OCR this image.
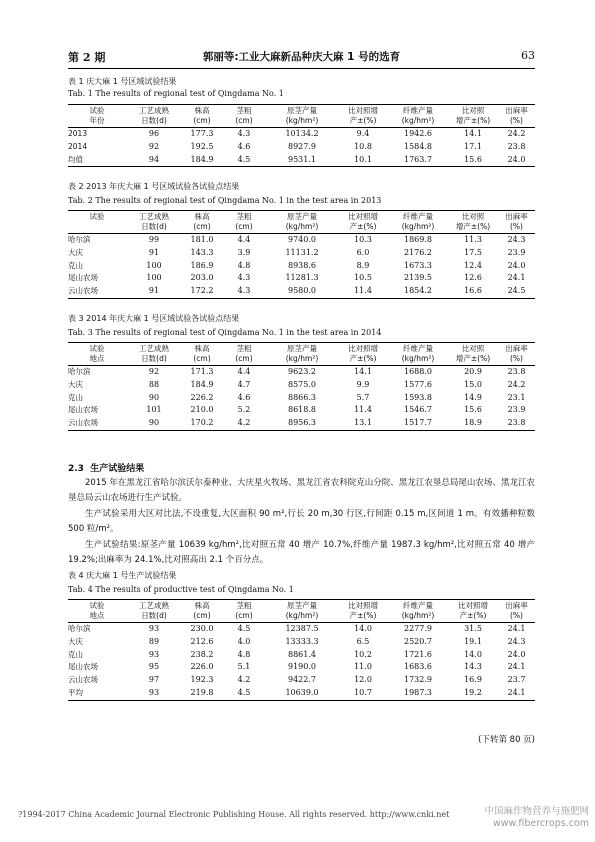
第 2 期	郭丽等:工业大麻新品种庆大麻 1 号的选育	63
表 1 庆大麻 1 号区域试验结果
Tab. 1 The results of regional test of Qingdama No. 1
试验	工艺成熟	株高	茎粗	原茎产量	比对照增	纤维产量	比对照	出麻率
年份	日数(d)	(cm)	(cm)	(kg/hm²)	产±(%)	(kg/hm²)	增产±(%)	(%)
2013	96	177.3	4.3	10134.2	9.4	1942.6	14.1	24.2
2014	92	192.5	4.6	8927.9	10.8	1584.8	17.1	23.8
均值	94	184.9	4.5	9531.1	10.1	1763.7	15.6	24.0
表 2 2013 年庆大麻 1 号区域试验各试验点结果
Tab. 2 The results of regional test of Qingdama No. 1 in the test area in 2013
试验	工艺成熟	株高	茎粗	原茎产量	比对照增	纤维产量	比对照	出麻率
	日数(d)	(cm)	(cm)	(kg/hm²)	产±(%)	(kg/hm²)	增产±(%)	(%)
哈尔滨	99	181.0	4.4	9740.0	10.3	1869.8	11.3	24.3
大庆	91	143.3	3.9	11131.2	6.0	2176.2	17.5	23.9
克山	100	186.9	4.8	8938.6	8.9	1673.3	12.4	24.0
尾山农场	100	203.0	4.3	11281.3	10.5	2139.5	12.6	24.1
云山农场	91	172.2	4.3	9580.0	11.4	1854.2	16.6	24.5
表 3 2014 年庆大麻 1 号区域试验各试验点结果
Tab. 3 The results of regional test of Qingdama No. 1 in the test area in 2014
试验	工艺成熟	株高	茎粗	原茎产量	比对照增	纤维产量	比对照	出麻率
地点	日数(d)	(cm)	(cm)	(kg/hm²)	产±(%)	(kg/hm²)	增产±(%)	(%)
哈尔滨	92	171.3	4.4	9623.2	14.1	1688.0	20.9	23.8
大庆	88	184.9	4.7	8575.0	9.9	1577.6	15.0	24.2
克山	90	226.2	4.6	8866.3	5.7	1593.8	14.9	23.1
尾山农场	101	210.0	5.2	8618.8	11.4	1546.7	15.6	23.9
云山农场	90	170.2	4.2	8956.3	13.1	1517.7	18.9	23.8
2.3 生产试验结果

2015 年在黑龙江省哈尔滨沃尔泰种业、大庆星火牧场、黑龙江省农科院克山分院、黑龙江农垦总局尾山农场、黑龙江农垦总局云山农场进行生产试验。

生产试验采用大区对比法,不设重复,大区面积 90 m²,行长 20 m,30 行区,行间距 0.15 m,区间道 1 m。有效播种粒数 500 粒/m²。

生产试验结果:原茎产量 10639 kg/hm²,比对照五常 40 增产 10.7%,纤维产量 1987.3 kg/hm²,比对照五常 40 增产 19.2%;出麻率为 24.1%,比对照高出 2.1 个百分点。

表 4 庆大麻 1 号生产试验结果
Tab. 4 The results of productive test of Qingdama No. 1
试验	工艺成熟	株高	茎粗	原茎产量	比对照增	纤维产量	比对照增	出麻率
地点	日数(d)	(cm)	(cm)	(kg/hm²)	产±(%)	(kg/hm²)	产±(%)	(%)
哈尔滨	93	230.0	4.5	12387.5	14.0	2277.9	31.5	24.1
大庆	89	212.6	4.0	13333.3	6.5	2520.7	19.1	24.3
克山	93	238.2	4.8	8861.4	10.2	1721.6	14.0	24.0
尾山农场	95	226.0	5.1	9190.0	11.0	1683.6	14.3	24.1
云山农场	97	192.3	4.2	9422.7	12.0	1732.9	16.9	23.7
平均	93	219.8	4.5	10639.0	10.7	1987.3	19.2	24.1
(下转第 80 页)
?1994-2017 China Academic Journal Electronic Publishing House. All rights reserved. http://www.cnki.net	中国麻作物营养与施肥网
www.fibercrops.com
